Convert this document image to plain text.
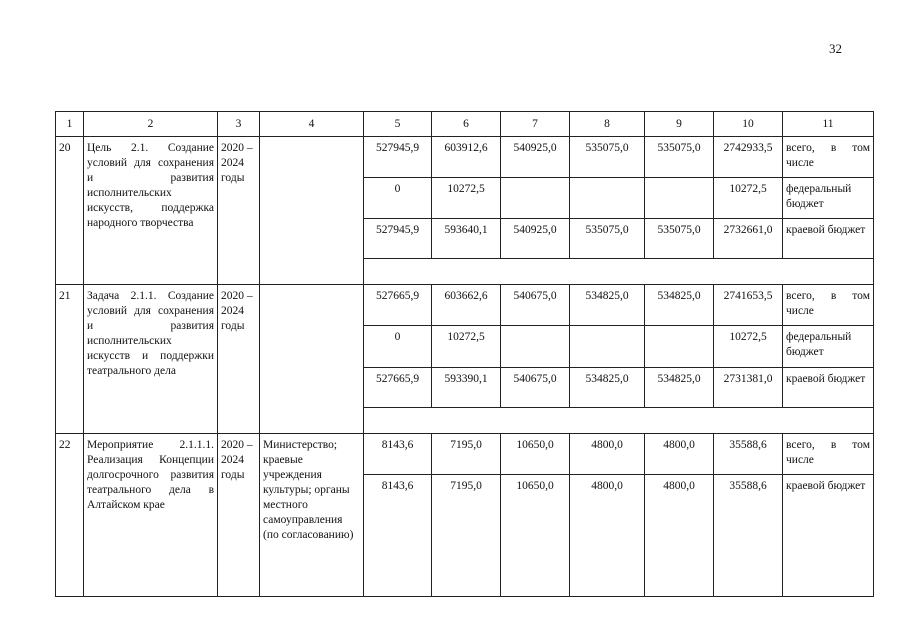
32
1	2	3	4	5	6	7	8	9	10	11
20	Цель 2.1. Создание условий для сохранения и развития исполнительских искусств, поддержка народного творчества	2020 – 2024 годы		527945,9	603912,6	540925,0	535075,0	535075,0	2742933,5	всего, в том числе
				0	10272,5				10272,5	федеральный бюджет
				527945,9	593640,1	540925,0	535075,0	535075,0	2732661,0	краевой бюджет

21	Задача 2.1.1. Создание условий для сохранения и развития исполнительских искусств и поддержки театрального дела	2020 – 2024 годы		527665,9	603662,6	540675,0	534825,0	534825,0	2741653,5	всего, в том числе
				0	10272,5				10272,5	федеральный бюджет
				527665,9	593390,1	540675,0	534825,0	534825,0	2731381,0	краевой бюджет

22	Мероприятие 2.1.1.1. Реализация Концепции долгосрочного развития театрального дела в Алтайском крае	2020 – 2024 годы	Министерство; краевые учреждения культуры; органы местного самоуправления (по согласованию)	8143,6	7195,0	10650,0	4800,0	4800,0	35588,6	всего, в том числе
				8143,6	7195,0	10650,0	4800,0	4800,0	35588,6	краевой бюджет
